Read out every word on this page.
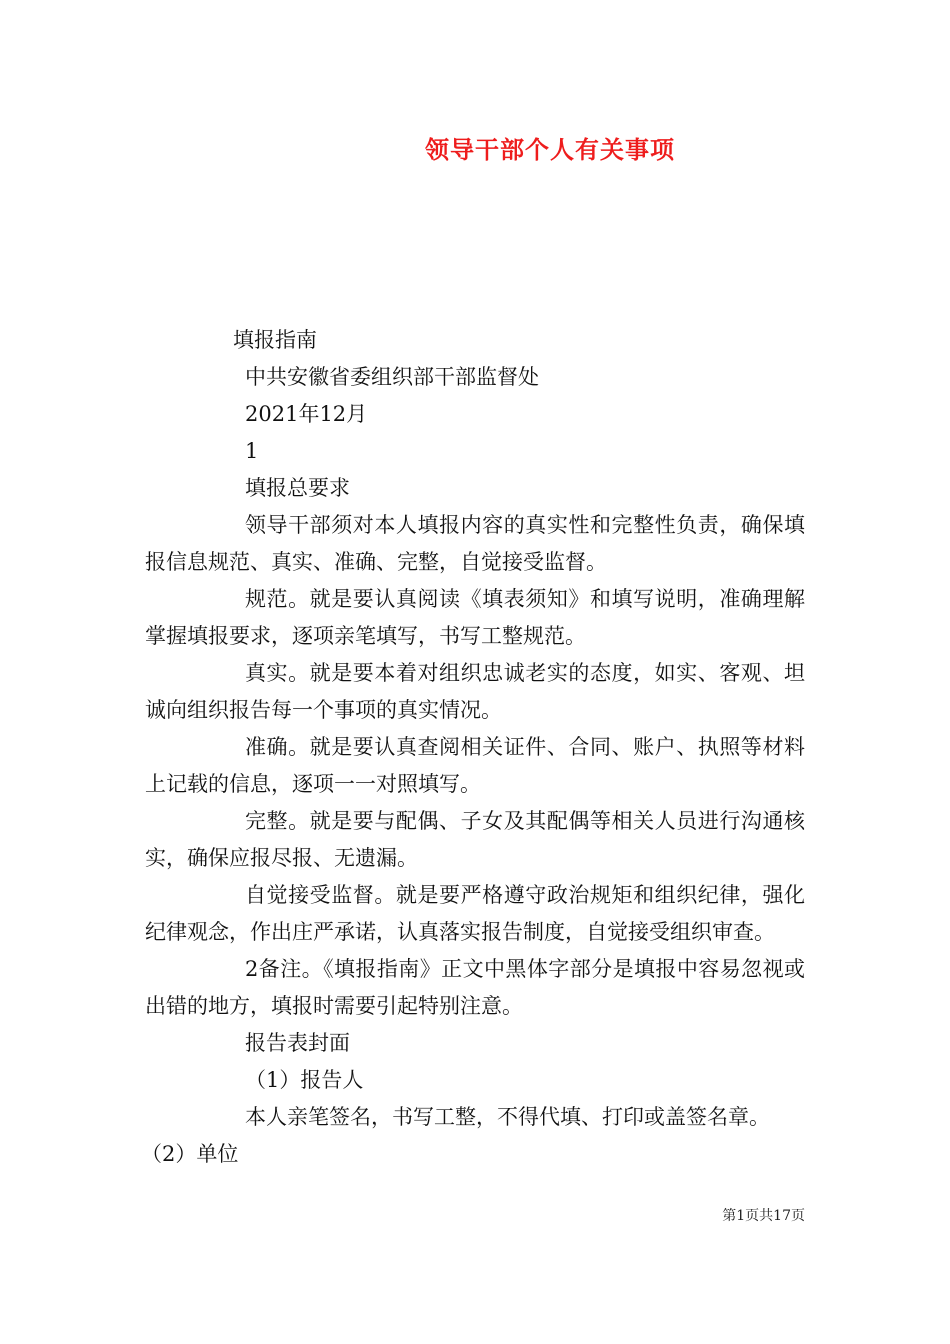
领导干部个人有关事项

填报指南

中共安徽省委组织部干部监督处

2021年12月

1

填报总要求

领导干部须对本人填报内容的真实性和完整性负责，确保填报信息规范、真实、准确、完整，自觉接受监督。

规范。就是要认真阅读《填表须知》和填写说明，准确理解掌握填报要求，逐项亲笔填写，书写工整规范。

真实。就是要本着对组织忠诚老实的态度，如实、客观、坦诚向组织报告每一个事项的真实情况。

准确。就是要认真查阅相关证件、合同、账户、执照等材料上记载的信息，逐项一一对照填写。

完整。就是要与配偶、子女及其配偶等相关人员进行沟通核实，确保应报尽报、无遗漏。

自觉接受监督。就是要严格遵守政治规矩和组织纪律，强化纪律观念，作出庄严承诺，认真落实报告制度，自觉接受组织审查。

2备注。《填报指南》正文中黑体字部分是填报中容易忽视或出错的地方，填报时需要引起特别注意。

报告表封面

（1）报告人

本人亲笔签名，书写工整，不得代填、打印或盖签名章。

（2）单位

第1页共17页
